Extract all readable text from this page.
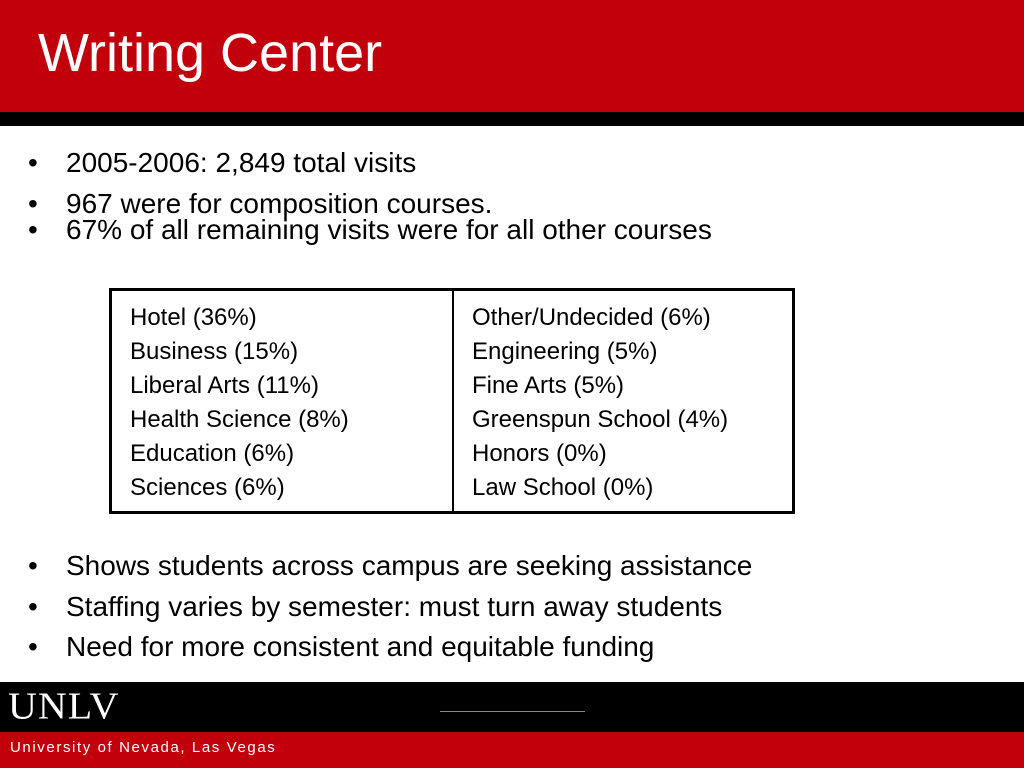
Writing Center
• 2005-2006: 2,849 total visits
• 967 were for composition courses.
• 67% of all remaining visits were for all other courses
Hotel (36%)
Business (15%)
Liberal Arts (11%)
Health Science (8%)
Education (6%)
Sciences (6%)
Other/Undecided (6%)
Engineering (5%)
Fine Arts (5%)
Greenspun School (4%)
Honors (0%)
Law School (0%)
• Shows students across campus are seeking assistance
• Staffing varies by semester: must turn away students
• Need for more consistent and equitable funding
UNLV
University of Nevada, Las Vegas
